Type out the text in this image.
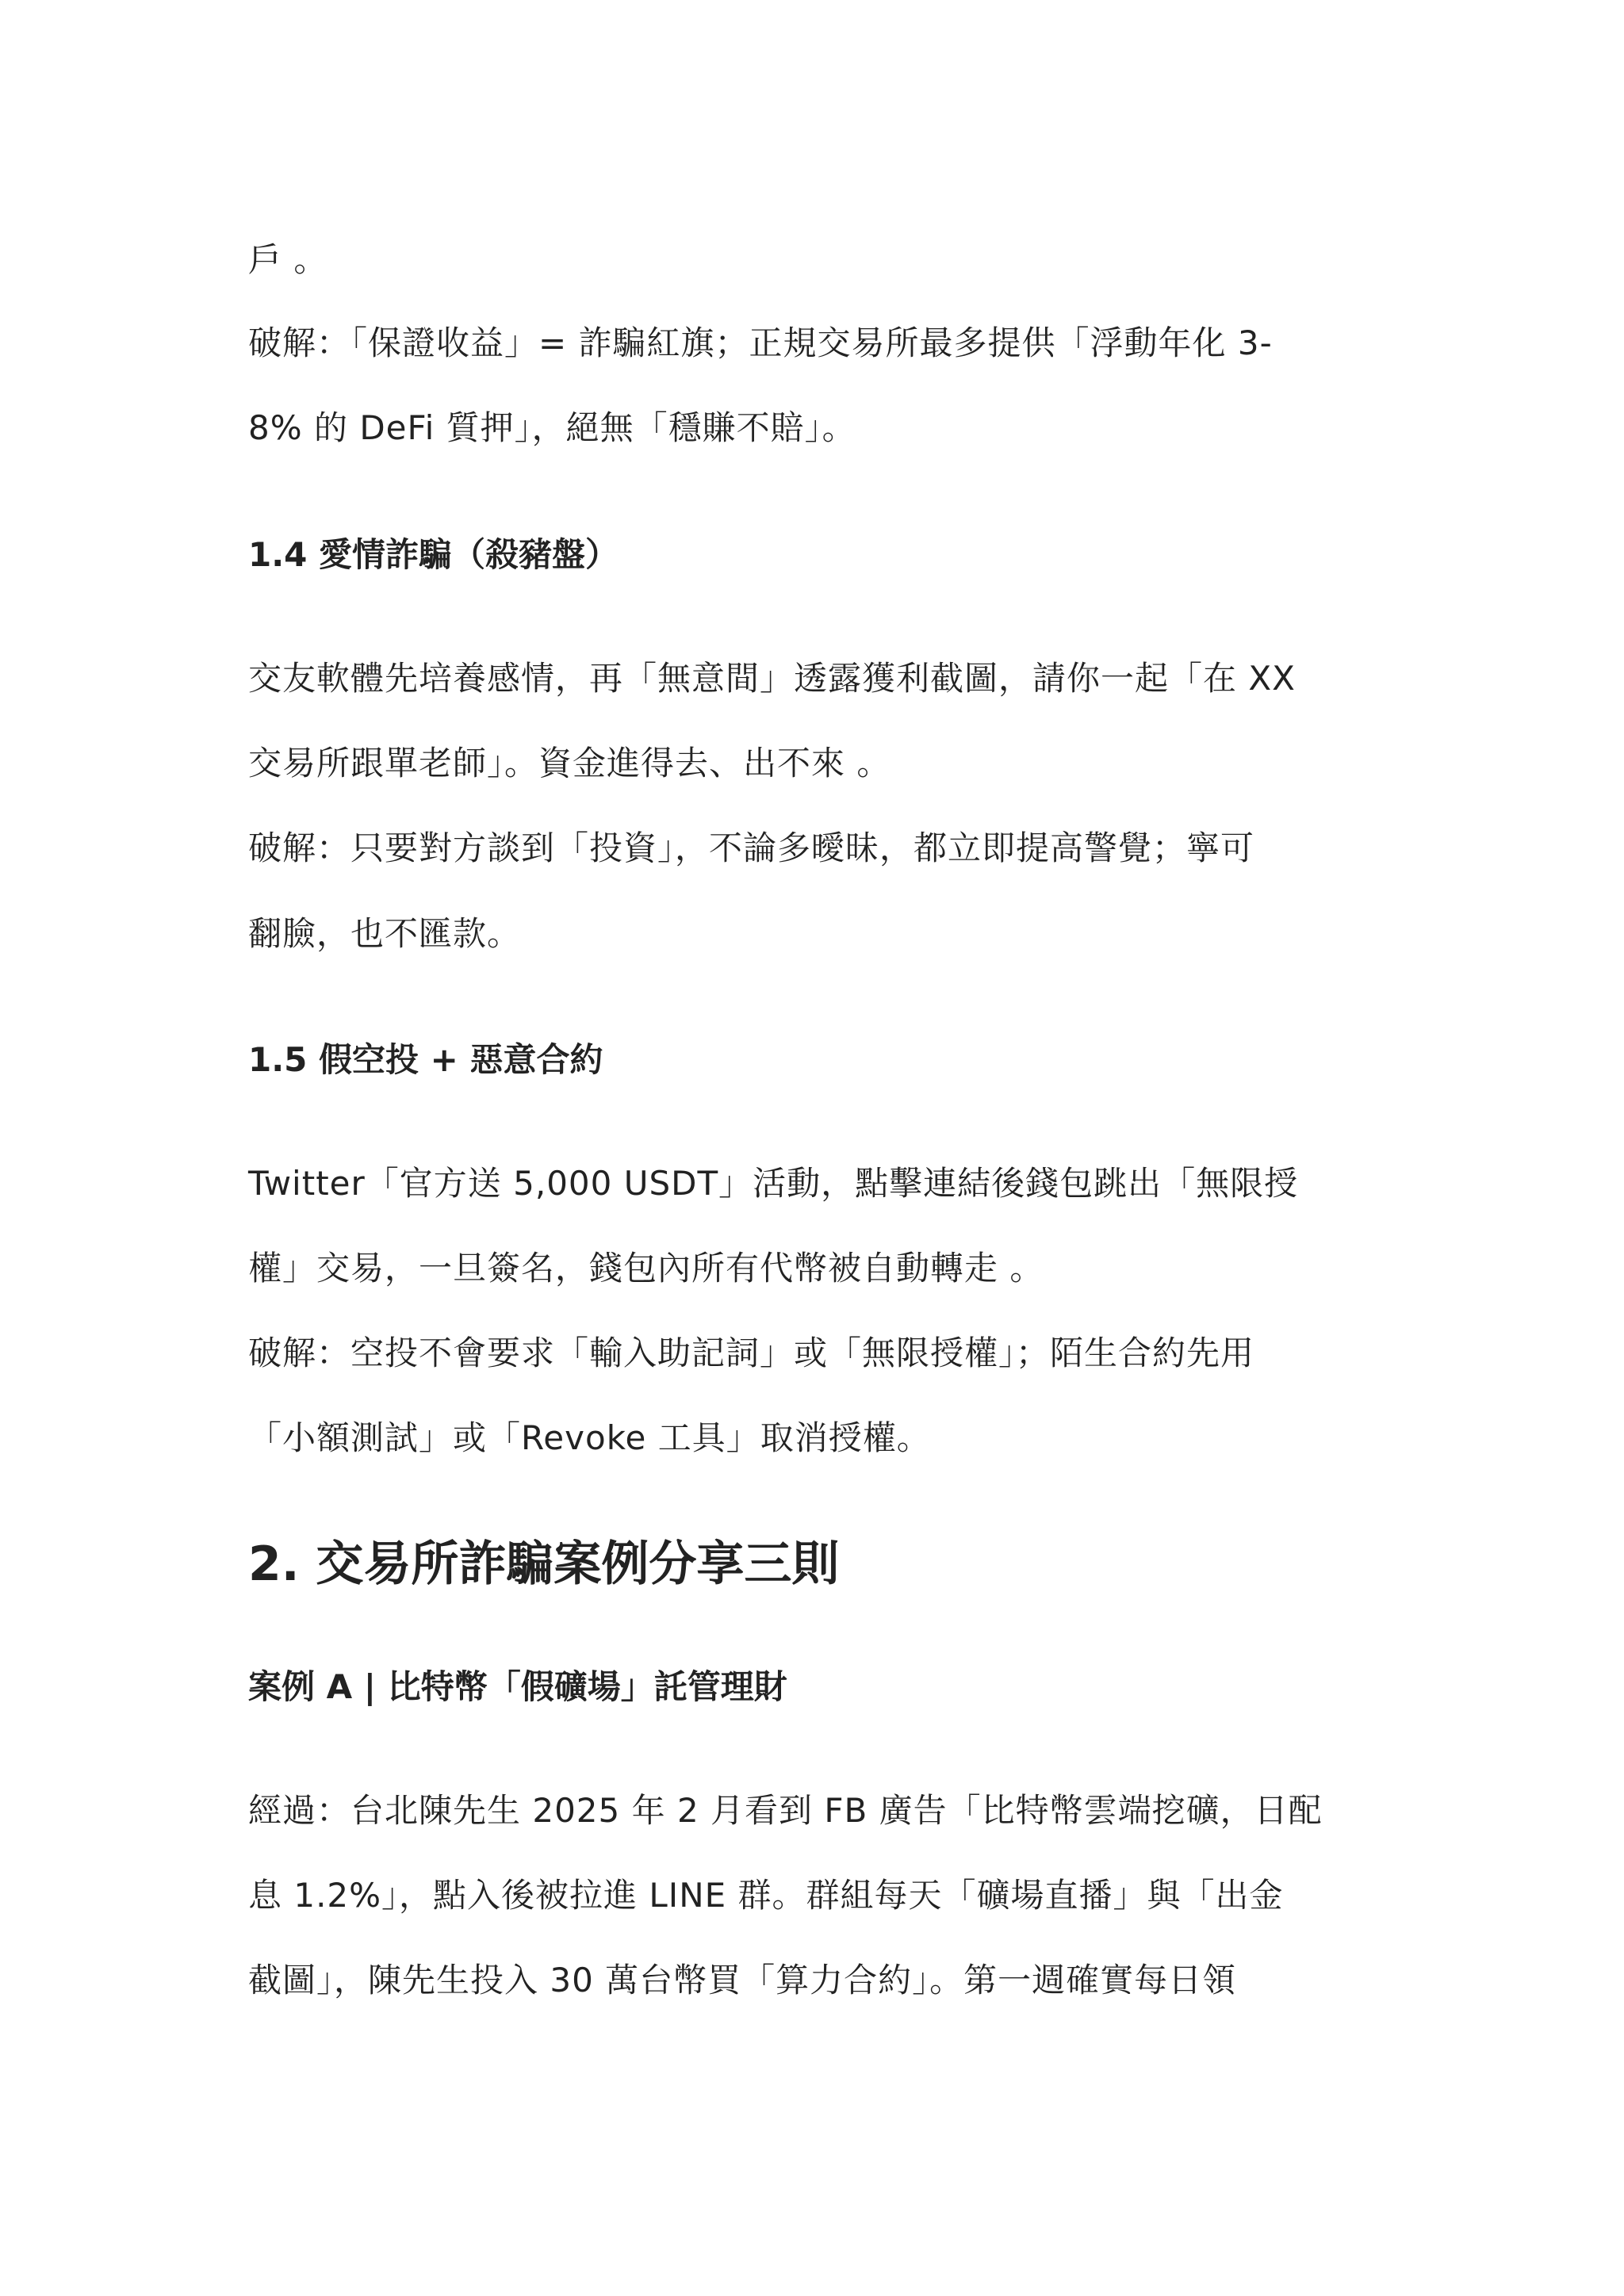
戶 。
破解：「保證收益」= 詐騙紅旗；正規交易所最多提供「浮動年化 3-
8% 的 DeFi 質押」，絕無「穩賺不賠」。
1.4 愛情詐騙（殺豬盤）
交友軟體先培養感情，再「無意間」透露獲利截圖，請你一起「在 XX
交易所跟單老師」。資金進得去、出不來 。
破解：只要對方談到「投資」，不論多曖昧，都立即提高警覺；寧可
翻臉，也不匯款。
1.5 假空投 + 惡意合約
Twitter「官方送 5,000 USDT」活動，點擊連結後錢包跳出「無限授
權」交易，一旦簽名，錢包內所有代幣被自動轉走 。
破解：空投不會要求「輸入助記詞」或「無限授權」；陌生合約先用
「小額測試」或「Revoke 工具」取消授權。
2. 交易所詐騙案例分享三則
案例 A | 比特幣「假礦場」託管理財
經過：台北陳先生 2025 年 2 月看到 FB 廣告「比特幣雲端挖礦，日配
息 1.2%」，點入後被拉進 LINE 群。群組每天「礦場直播」與「出金
截圖」，陳先生投入 30 萬台幣買「算力合約」。第一週確實每日領
